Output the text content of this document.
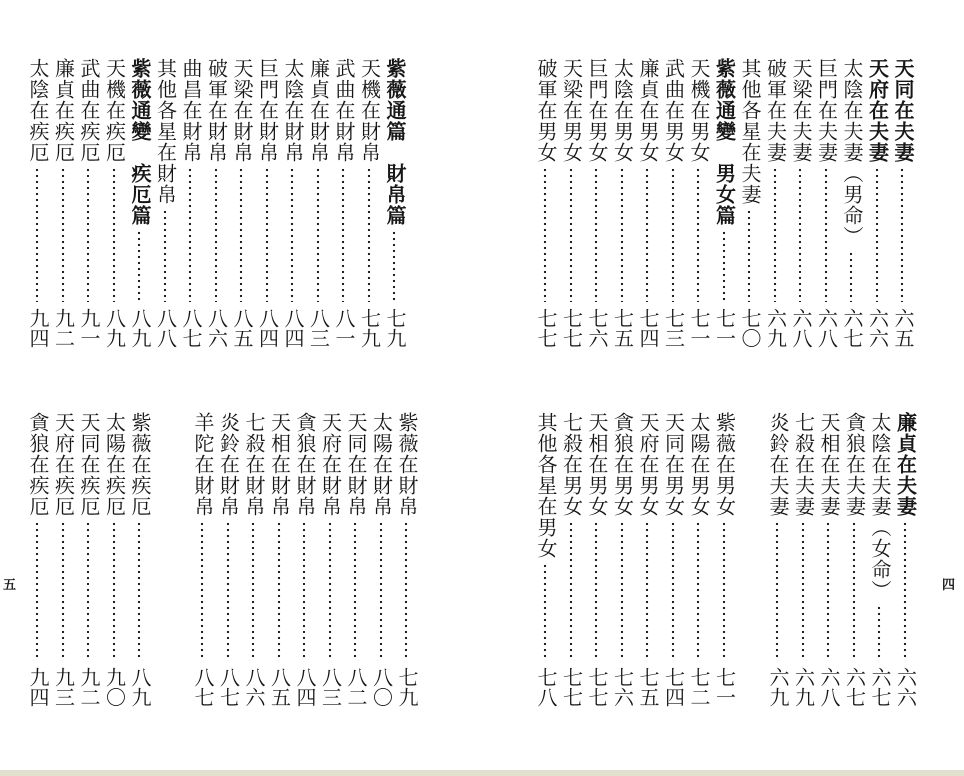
紫薇通篇　財帛篇
七九
天機在財帛
七九
武曲在財帛
八一
廉貞在財帛
八三
太陰在財帛
八四
巨門在財帛
八四
天梁在財帛
八五
破軍在財帛
八六
曲昌在財帛
八七
其他各星在財帛
八八
紫薇通變　疾厄篇
八九
天機在疾厄
八九
武曲在疾厄
九一
廉貞在疾厄
九二
太陰在疾厄
九四
紫薇在財帛
七九
太陽在財帛
八〇
天同在財帛
八二
天府在財帛
八三
貪狼在財帛
八四
天相在財帛
八五
七殺在財帛
八六
炎鈴在財帛
八七
羊陀在財帛
八七
紫薇在疾厄
八九
太陽在疾厄
九〇
天同在疾厄
九二
天府在疾厄
九三
貪狼在疾厄
九四
五
天同在夫妻
六五
天府在夫妻
六六
太陰在夫妻（男命）
六七
巨門在夫妻
六八
天梁在夫妻
六八
破軍在夫妻
六九
其他各星在夫妻
七〇
紫薇通變　男女篇
七一
天機在男女
七一
武曲在男女
七三
廉貞在男女
七四
太陰在男女
七五
巨門在男女
七六
天梁在男女
七七
破軍在男女
七七
廉貞在夫妻
六六
太陰在夫妻（女命）
六七
貪狼在夫妻
六七
天相在夫妻
六八
七殺在夫妻
六九
炎鈴在夫妻
六九
紫薇在男女
七一
太陽在男女
七二
天同在男女
七四
天府在男女
七五
貪狼在男女
七六
天相在男女
七七
七殺在男女
七七
其他各星在男女
七八
四
